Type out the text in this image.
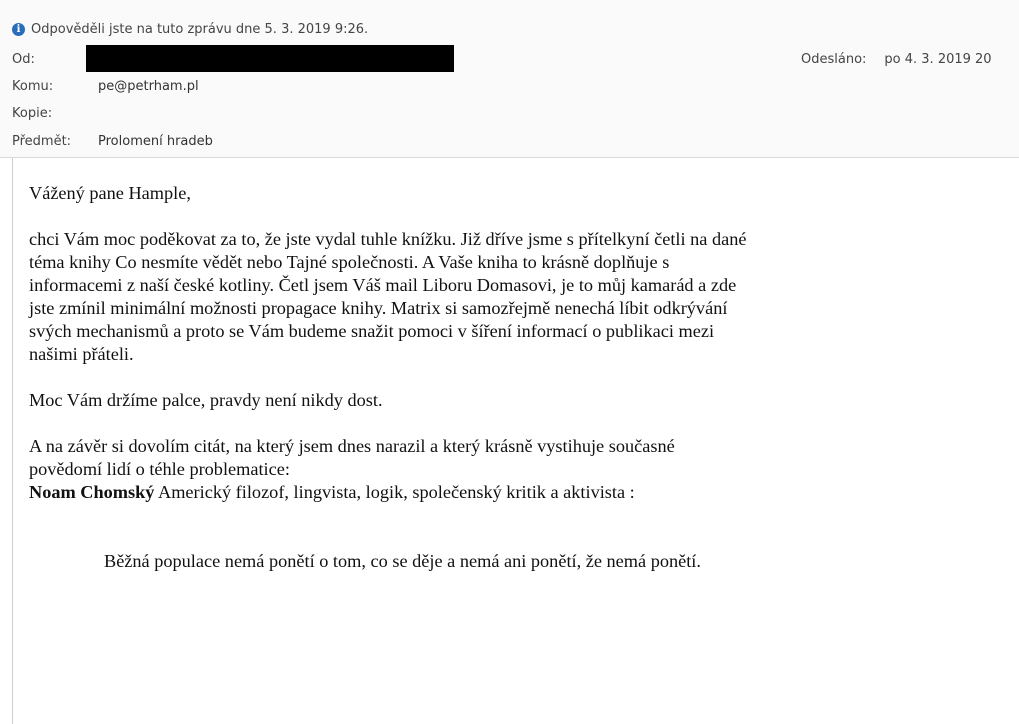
i Odpověděli jste na tuto zprávu dne 5. 3. 2019 9:26.
Od:	Odesláno: po 4. 3. 2019 20
Komu:	pe@petrham.pl
Kopie:
Předmět:	Prolomení hradeb

Vážený pane Hample,

chci Vám moc poděkovat za to, že jste vydal tuhle knížku. Již dříve jsme s přítelkyní četli na dané

téma knihy Co nesmíte vědět nebo Tajné společnosti. A Vaše kniha to krásně doplňuje s

informacemi z naší české kotliny. Četl jsem Váš mail Liboru Domasovi, je to můj kamarád a zde

jste zmínil minimální možnosti propagace knihy. Matrix si samozřejmě nenechá líbit odkrývání

svých mechanismů a proto se Vám budeme snažit pomoci v šíření informací o publikaci mezi

našimi přáteli.

Moc Vám držíme palce, pravdy není nikdy dost.

A na závěr si dovolím citát, na který jsem dnes narazil a který krásně vystihuje současné

povědomí lidí o téhle problematice:

Noam Chomský Americký filozof, lingvista, logik, společenský kritik a aktivista :

Běžná populace nemá ponětí o tom, co se děje a nemá ani ponětí, že nemá ponětí.
